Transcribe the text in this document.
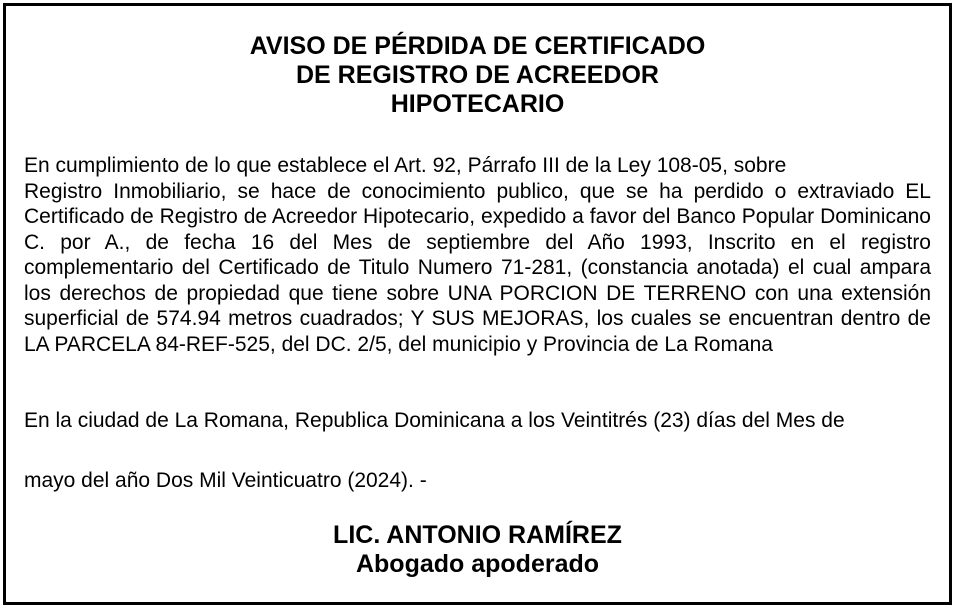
AVISO DE PÉRDIDA DE CERTIFICADO
DE REGISTRO DE ACREEDOR
HIPOTECARIO
En cumplimiento de lo que establece el Art. 92, Párrafo III de la Ley 108-05, sobre
Registro Inmobiliario, se hace de conocimiento publico, que se ha perdido o extraviado EL Certificado de Registro de Acreedor Hipotecario, expedido a favor del Banco Popular Dominicano C. por A., de fecha 16 del Mes de septiembre del Año 1993, Inscrito en el registro complementario del Certificado de Titulo Numero 71-281, (constancia anotada) el cual ampara los derechos de propiedad que tiene sobre UNA PORCION DE TERRENO con una extensión superficial de 574.94 metros cuadrados; Y SUS MEJORAS, los cuales se encuentran dentro de LA PARCELA 84-REF-525, del DC. 2/5, del municipio y Provincia de La Romana
En la ciudad de La Romana, Republica Dominicana a los Veintitrés (23) días del Mes de
mayo del año Dos Mil Veinticuatro (2024). -
LIC. ANTONIO RAMÍREZ
Abogado apoderado
